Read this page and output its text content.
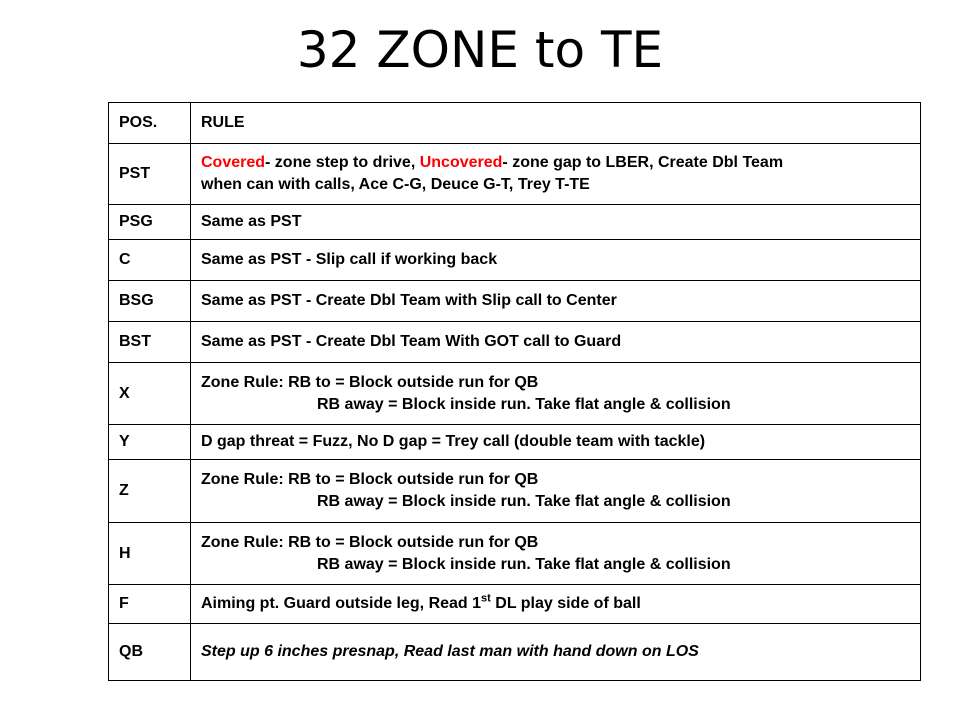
32 ZONE to TE
POS.	RULE
PST	Covered- zone step to drive, Uncovered- zone gap to LBER, Create Dbl Team
when can with calls, Ace C-G, Deuce G-T, Trey T-TE
PSG	Same as PST
C	Same as PST - Slip call if working back
BSG	Same as PST - Create Dbl Team with Slip call to Center
BST	Same as PST - Create Dbl Team With GOT call to Guard
X	Zone Rule: RB to = Block outside run for QB
RB away = Block inside run. Take flat angle & collision
Y	D gap threat = Fuzz, No D gap = Trey call (double team with tackle)
Z	Zone Rule: RB to = Block outside run for QB
RB away = Block inside run. Take flat angle & collision
H	Zone Rule: RB to = Block outside run for QB
RB away = Block inside run. Take flat angle & collision
F	Aiming pt. Guard outside leg, Read 1st DL play side of ball
QB	Step up 6 inches presnap, Read last man with hand down on LOS
